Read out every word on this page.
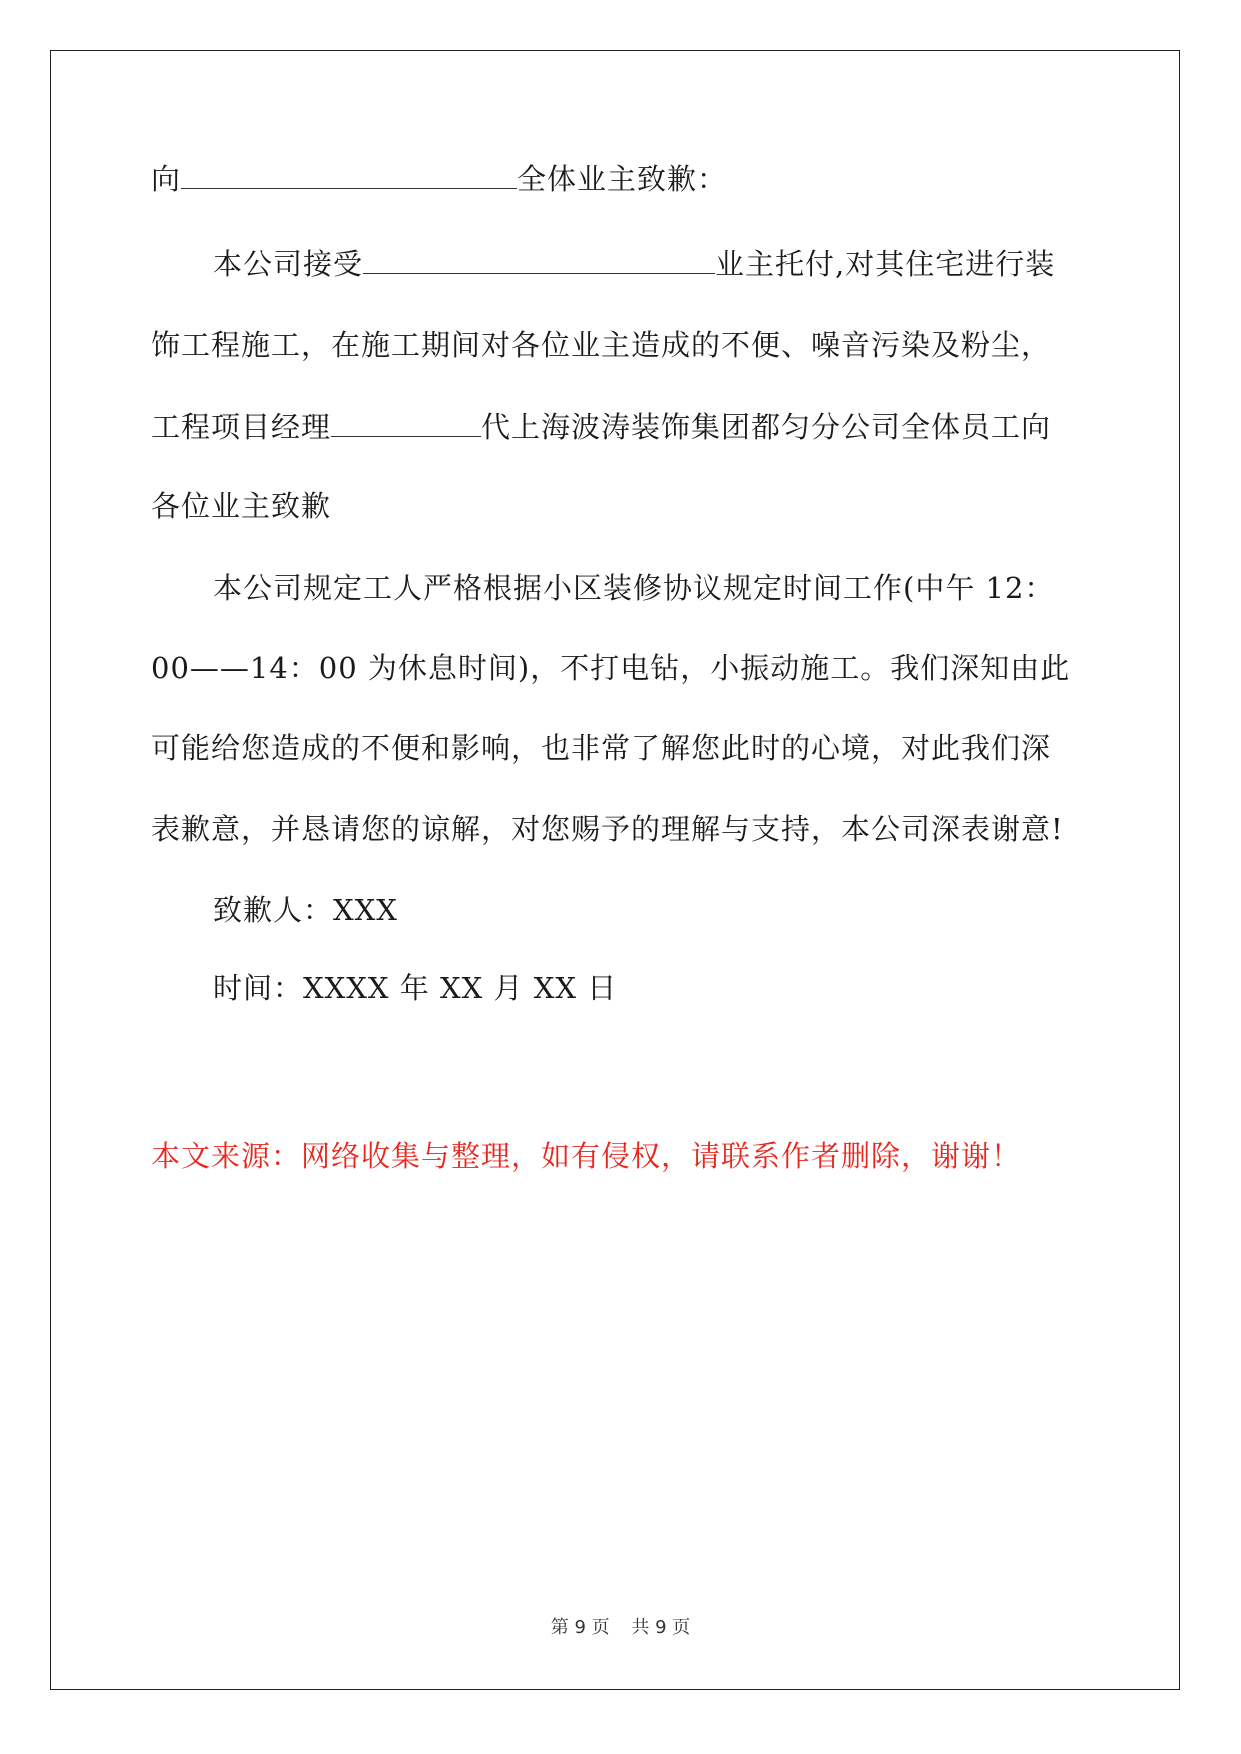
向	全体业主致歉：
本公司接受	业主托付,对其住宅进行装
饰工程施工，在施工期间对各位业主造成的不便、噪音污染及粉尘，
工程项目经理	代上海波涛装饰集团都匀分公司全体员工向
各位业主致歉
本公司规定工人严格根据小区装修协议规定时间工作(中午 12：
00——14：00 为休息时间)，不打电钻，小振动施工。我们深知由此
可能给您造成的不便和影响，也非常了解您此时的心境，对此我们深
表歉意，并恳请您的谅解，对您赐予的理解与支持，本公司深表谢意!
致歉人：XXX
时间：XXXX 年 XX 月 XX 日
本文来源：网络收集与整理，如有侵权，请联系作者删除，谢谢！
第 9 页 共 9 页
